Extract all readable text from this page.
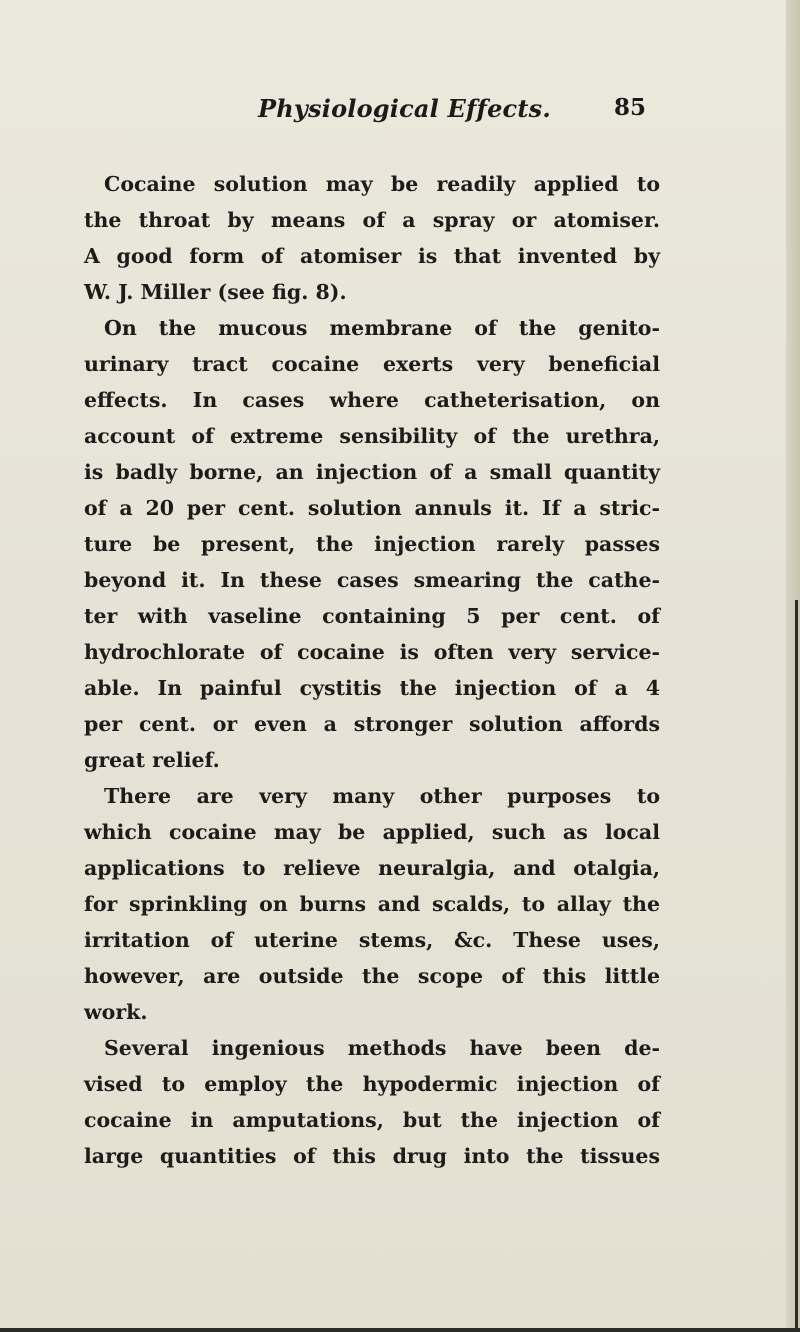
Physiological Effects.	85
Cocaine solution may be readily applied to
the throat by means of a spray or atomiser.
A good form of atomiser is that invented by
W. J. Miller (see fig. 8).
On the mucous membrane of the genito-
urinary tract cocaine exerts very beneficial
effects. In cases where catheterisation, on
account of extreme sensibility of the urethra,
is badly borne, an injection of a small quantity
of a 20 per cent. solution annuls it. If a stric-
ture be present, the injection rarely passes
beyond it. In these cases smearing the cathe-
ter with vaseline containing 5 per cent. of
hydrochlorate of cocaine is often very service-
able. In painful cystitis the injection of a 4
per cent. or even a stronger solution affords
great relief.
There are very many other purposes to
which cocaine may be applied, such as local
applications to relieve neuralgia, and otalgia,
for sprinkling on burns and scalds, to allay the
irritation of uterine stems, &c. These uses,
however, are outside the scope of this little
work.
Several ingenious methods have been de-
vised to employ the hypodermic injection of
cocaine in amputations, but the injection of
large quantities of this drug into the tissues
